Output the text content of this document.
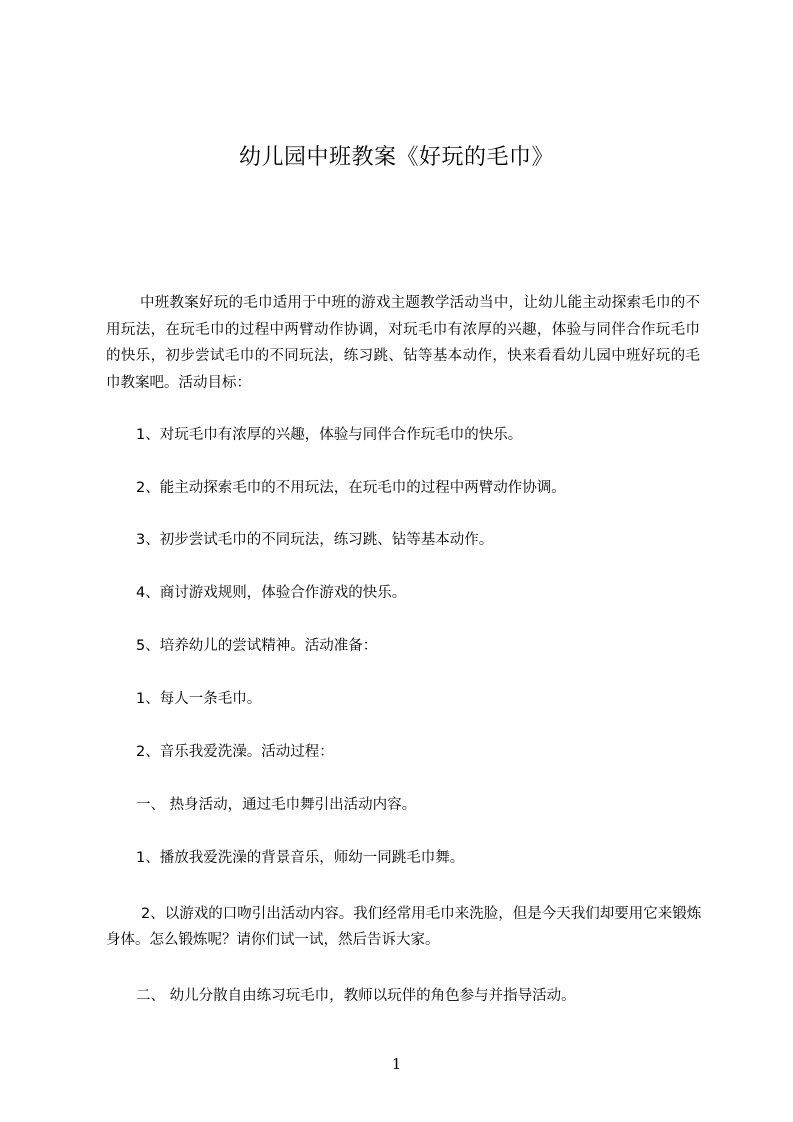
幼儿园中班教案《好玩的毛巾》

中班教案好玩的毛巾适用于中班的游戏主题教学活动当中，让幼儿能主动探索毛巾的不用玩法，在玩毛巾的过程中两臂动作协调，对玩毛巾有浓厚的兴趣，体验与同伴合作玩毛巾的快乐，初步尝试毛巾的不同玩法，练习跳、钻等基本动作，快来看看幼儿园中班好玩的毛巾教案吧。活动目标：

1、对玩毛巾有浓厚的兴趣，体验与同伴合作玩毛巾的快乐。

2、能主动探索毛巾的不用玩法，在玩毛巾的过程中两臂动作协调。

3、初步尝试毛巾的不同玩法，练习跳、钻等基本动作。

4、商讨游戏规则，体验合作游戏的快乐。

5、培养幼儿的尝试精神。活动准备：

1、每人一条毛巾。

2、音乐我爱洗澡。活动过程：

一、 热身活动，通过毛巾舞引出活动内容。

1、播放我爱洗澡的背景音乐，师幼一同跳毛巾舞。

2、以游戏的口吻引出活动内容。我们经常用毛巾来洗脸，但是今天我们却要用它来锻炼身体。怎么锻炼呢？请你们试一试，然后告诉大家。

二、 幼儿分散自由练习玩毛巾，教师以玩伴的角色参与并指导活动。

1
